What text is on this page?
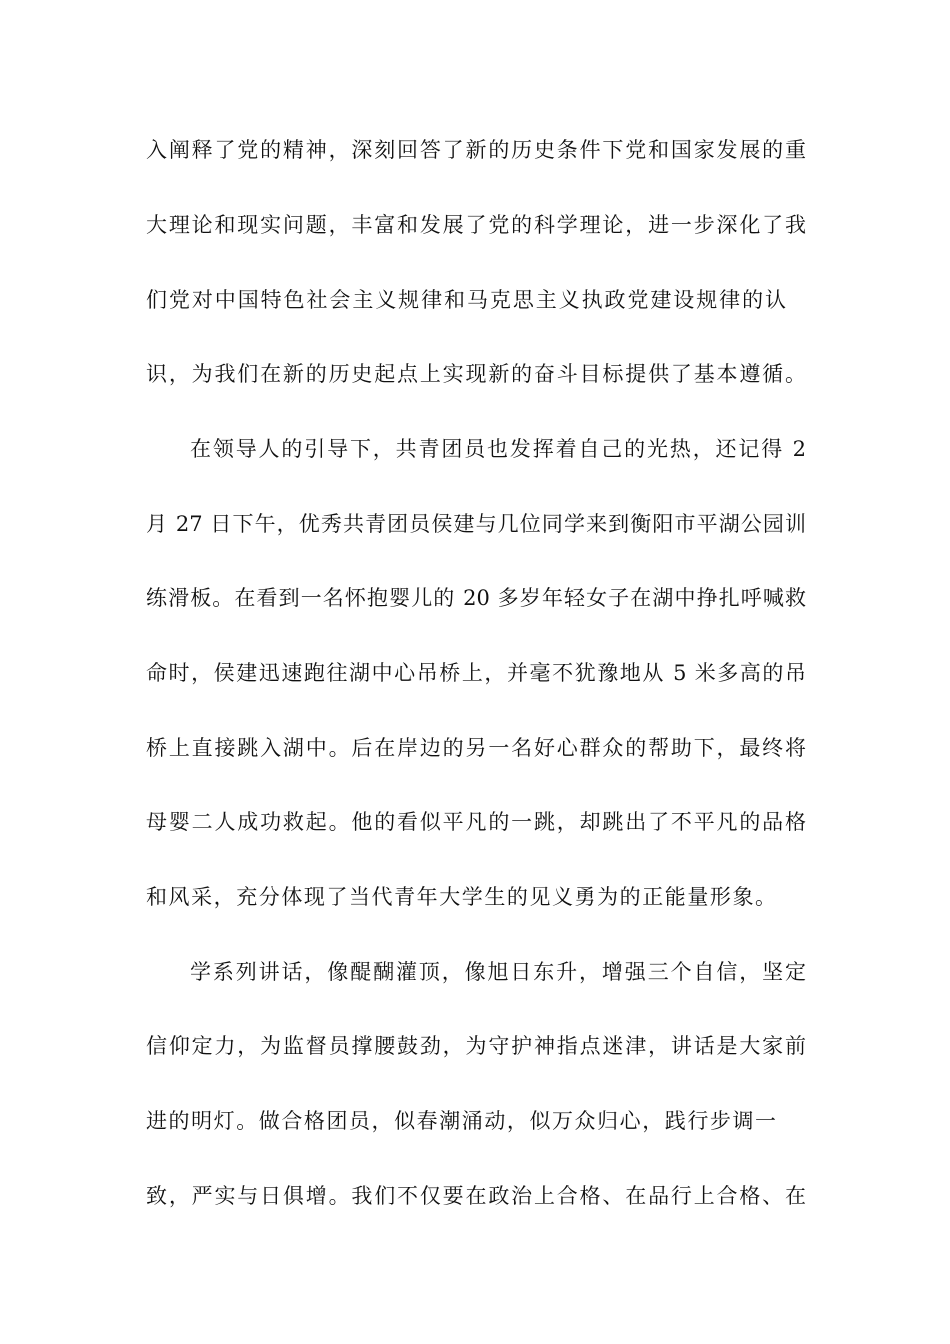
入阐释了党的精神，深刻回答了新的历史条件下党和国家发展的重
大理论和现实问题，丰富和发展了党的科学理论，进一步深化了我
们党对中国特色社会主义规律和马克思主义执政党建设规律的认
识，为我们在新的历史起点上实现新的奋斗目标提供了基本遵循。
在领导人的引导下，共青团员也发挥着自己的光热，还记得 2
月 27 日下午，优秀共青团员侯建与几位同学来到衡阳市平湖公园训
练滑板。在看到一名怀抱婴儿的 20 多岁年轻女子在湖中挣扎呼喊救
命时，侯建迅速跑往湖中心吊桥上，并毫不犹豫地从 5 米多高的吊
桥上直接跳入湖中。后在岸边的另一名好心群众的帮助下，最终将
母婴二人成功救起。他的看似平凡的一跳，却跳出了不平凡的品格
和风采，充分体现了当代青年大学生的见义勇为的正能量形象。
学系列讲话，像醍醐灌顶，像旭日东升，增强三个自信，坚定
信仰定力，为监督员撑腰鼓劲，为守护神指点迷津，讲话是大家前
进的明灯。做合格团员，似春潮涌动，似万众归心，践行步调一
致，严实与日俱增。我们不仅要在政治上合格、在品行上合格、在
